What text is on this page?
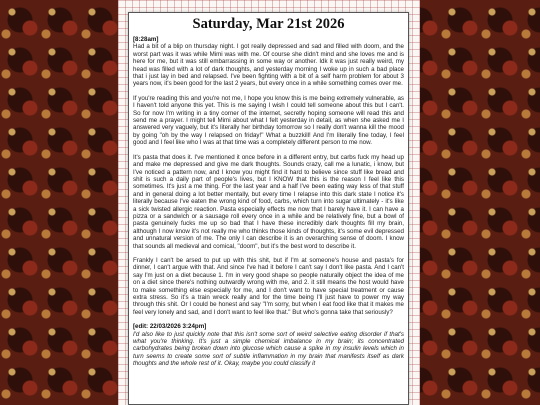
Saturday, Mar 21st 2026
[8:28am]

Had a bit of a blip on thursday night. I got really depressed and sad and filled with doom, and the worst part was it was while Mimi was with me. Of course she didn't mind and she loves me and is here for me, but it was still embarrassing in some way or another. Idk it was just really weird, my head was filled with a lot of dark thoughts, and yesterday morning I woke up in such a bad place that i just lay in bed and relapsed. I've been fighting with a bit of a self harm problem for about 3 years now, it's been good for the last 2 years, but every once in a while something comes over me.

If you're reading this and you're not me, I hope you know this is me being extremely vulnerable, as I haven't told anyone this yet. This is me saying I wish I could tell someone about this but I can't. So for now I'm writing in a tiny corner of the internet, secretly hoping someone will read this and send me a prayer. I might tell Mimi about what I felt yesterday in detail, as when she asked me I answered very vaguely, but it's literally her birthday tomorrow so I really don't wanna kill the mood by going "oh by the way I relapsed on friday!" What a buzzkill! And I'm literally fine today, I feel good and I feel like who I was at that time was a completely different person to me now.

It's pasta that does it. I've mentioned it once before in a different entry, but carbs fuck my head up and make me depressed and give me dark thoughts. Sounds crazy, call me a lunatic, i know, but I've noticed a pattern now, and I know you might find it hard to believe since stuff like bread and shit is such a daily part of people's lives, but I KNOW that this is the reason I feel like this sometimes. It's just a me thing. For the last year and a half I've been eating way less of that stuff and in general doing a lot better mentally, but every time I relapse into this dark state I notice it's literally because I've eaten the wrong kind of food, carbs, which turn into sugar ultimately - it's like a sick twisted allergic reaction. Pasta especially effects me now that I barely have it. I can have a pizza or a sandwich or a sausage roll every once in a while and be relatively fine, but a bowl of pasta genuinely fucks me up so bad that I have these incredibly dark thoughts fill my brain, although I now know it's not really me who thinks those kinds of thoughts, it's some evil depressed and unnatural version of me. The only I can describe it is an overarching sense of doom. I know that sounds all medieval and comical, "doom", but it's the best word to describe it.

Frankly I can't be arsed to put up with this shit, but if I'm at someone's house and pasta's for dinner, I can't argue with that. And since I've had it before I can't say I don't like pasta. And I can't say I'm just on a diet because 1. I'm in very good shape so people naturally object the idea of me on a diet since there's nothing outwardly wrong with me, and 2. it still means the host would have to make something else especially for me, and I don't want to have special treatment or cause extra stress. So it's a train wreck really and for the time being I'll just have to power my way through this shit. Or I could be honest and say "I'm sorry, but when I eat food like that it makes me feel very lonely and sad, and I don't want to feel like that." But who's gonna take that seriously?

[edit: 22/03/2026 3:24pm]

I'd also like to just quickly note that this isn't some sort of weird selective eating disorder if that's what you're thinking. It's just a simple chemical imbalance in my brain; its concentrated carbohydrates being broken down into glucose which cause a spike in my insulin levels which in turn seems to create some sort of subtle inflammation in my brain that manifests itself as dark thoughts and the whole rest of it. Okay, maybe you could classify it
